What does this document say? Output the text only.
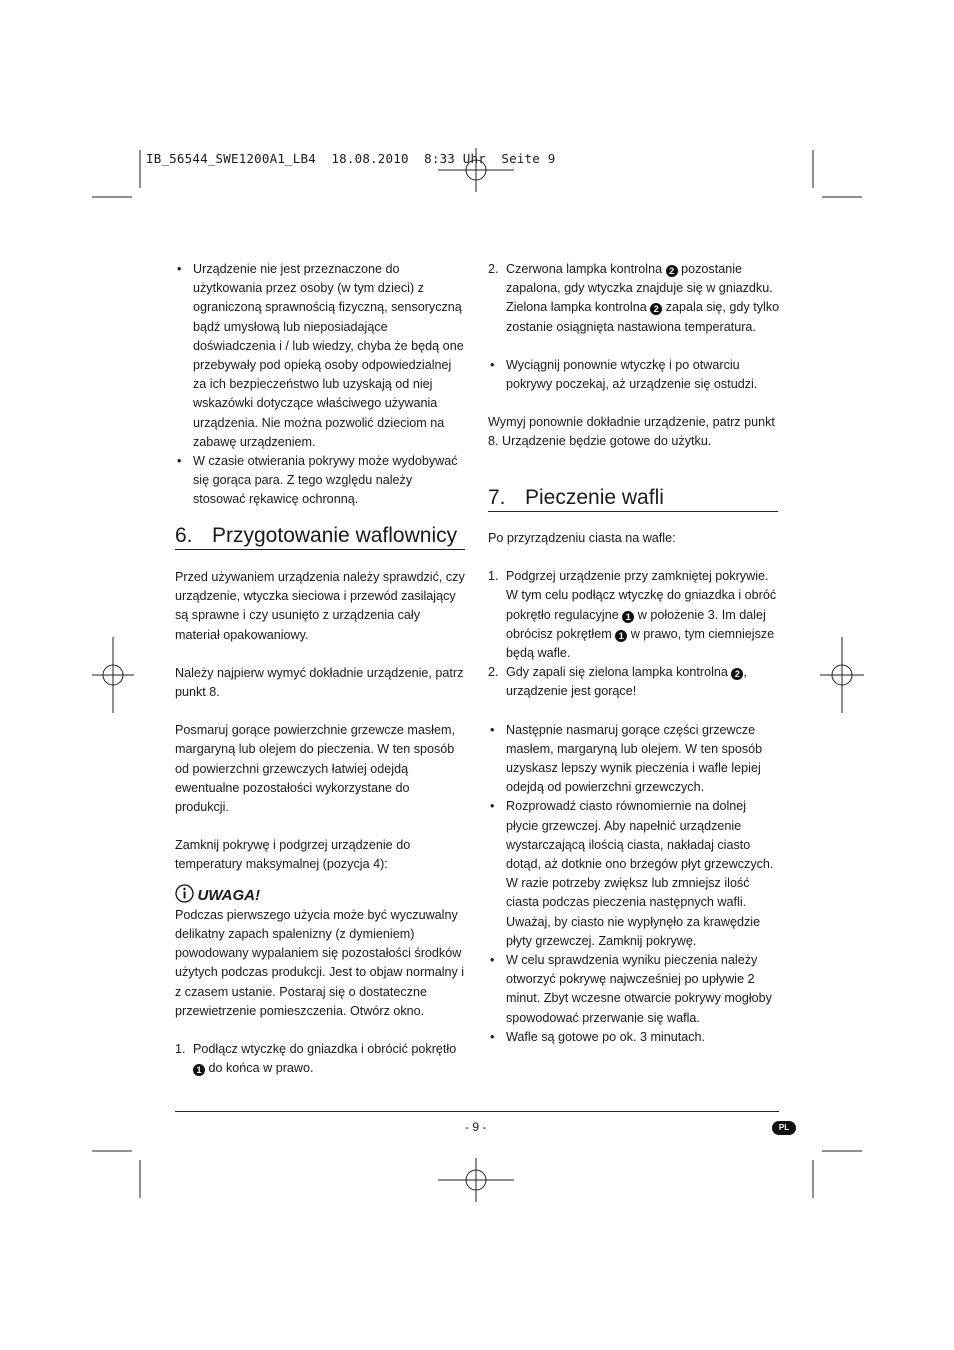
IB_56544_SWE1200A1_LB4  18.08.2010  8:33 Uhr  Seite 9

• Urządzenie nie jest przeznaczone do użytkowania przez osoby (w tym dzieci) z ograniczoną sprawnością fizyczną, sensoryczną bądź umysłową lub nieposiadające doświadczenia i / lub wiedzy, chyba że będą one przebywały pod opieką osoby odpowiedzialnej za ich bezpieczeństwo lub uzyskają od niej wskazówki dotyczące właściwego używania urządzenia. Nie można pozwolić dzieciom na zabawę urządzeniem.

• W czasie otwierania pokrywy może wydobywać się gorąca para. Z tego względu należy stosować rękawicę ochronną.

6. Przygotowanie waflownicy

Przed używaniem urządzenia należy sprawdzić, czy urządzenie, wtyczka sieciowa i przewód zasilający są sprawne i czy usunięto z urządzenia cały materiał opakowaniowy.

Należy najpierw wymyć dokładnie urządzenie, patrz punkt 8.

Posmaruj gorące powierzchnie grzewcze masłem, margaryną lub olejem do pieczenia. W ten sposób od powierzchni grzewczych łatwiej odejdą ewentualne pozostałości wykorzystane do produkcji.

Zamknij pokrywę i podgrzej urządzenie do temperatury maksymalnej (pozycja 4):

UWAGA!

Podczas pierwszego użycia może być wyczuwalny delikatny zapach spalenizny (z dymieniem) powodowany wypalaniem się pozostałości środków użytych podczas produkcji. Jest to objaw normalny i z czasem ustanie. Postaraj się o dostateczne przewietrzenie pomieszczenia. Otwórz okno.

1. Podłącz wtyczkę do gniazdka i obrócić pokrętło 1 do końca w prawo.

2. Czerwona lampka kontrolna 2 pozostanie zapalona, gdy wtyczka znajduje się w gniazdku. Zielona lampka kontrolna 2 zapala się, gdy tylko zostanie osiągnięta nastawiona temperatura.

• Wyciągnij ponownie wtyczkę i po otwarciu pokrywy poczekaj, aż urządzenie się ostudzi.

Wymyj ponownie dokładnie urządzenie, patrz punkt 8. Urządzenie będzie gotowe do użytku.

7. Pieczenie wafli

Po przyrządzeniu ciasta na wafle:

1. Podgrzej urządzenie przy zamkniętej pokrywie. W tym celu podłącz wtyczkę do gniazdka i obróć pokrętło regulacyjne 1 w położenie 3. Im dalej obrócisz pokrętłem 1 w prawo, tym ciemniejsze będą wafle.

2. Gdy zapali się zielona lampka kontrolna 2 , urządzenie jest gorące!

• Następnie nasmaruj gorące części grzewcze masłem, margaryną lub olejem. W ten sposób uzyskasz lepszy wynik pieczenia i wafle lepiej odejdą od powierzchni grzewczych.

• Rozprowadź ciasto równomiernie na dolnej płycie grzewczej. Aby napełnić urządzenie wystarczającą ilością ciasta, nakładaj ciasto dotąd, aż dotknie ono brzegów płyt grzewczych. W razie potrzeby zwiększ lub zmniejsz ilość ciasta podczas pieczenia następnych wafli. Uważaj, by ciasto nie wypłynęło za krawędzie płyty grzewczej. Zamknij pokrywę.

• W celu sprawdzenia wyniku pieczenia należy otworzyć pokrywę najwcześniej po upływie 2 minut. Zbyt wczesne otwarcie pokrywy mogłoby spowodować przerwanie się wafla.

• Wafle są gotowe po ok. 3 minutach.

- 9 -	PL
